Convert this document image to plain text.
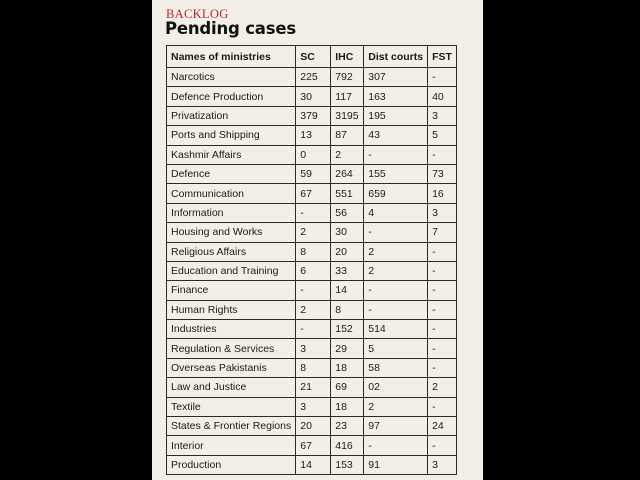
BACKLOG
Pending cases
Names of ministries	SC	IHC	Dist courts	FST
Narcotics	225	792	307	-
Defence Production	30	117	163	40
Privatization	379	3195	195	3
Ports and Shipping	13	87	43	5
Kashmir Affairs	0	2	-	-
Defence	59	264	155	73
Communication	67	551	659	16
Information	-	56	4	3
Housing and Works	2	30	-	7
Religious Affairs	8	20	2	-
Education and Training	6	33	2	-
Finance	-	14	-	-
Human Rights	2	8	-	-
Industries	-	152	514	-
Regulation & Services	3	29	5	-
Overseas Pakistanis	8	18	58	-
Law and Justice	21	69	02	2
Textile	3	18	2	-
States & Frontier Regions	20	23	97	24
Interior	67	416	-	-
Production	14	153	91	3
